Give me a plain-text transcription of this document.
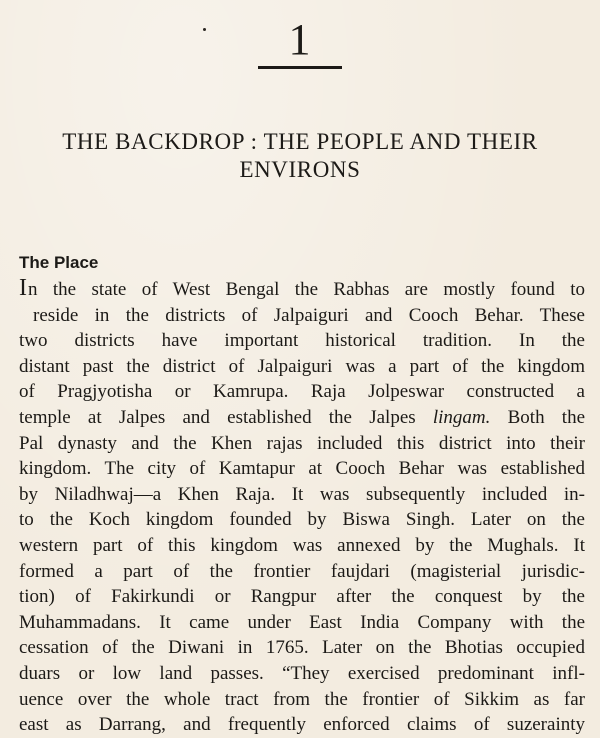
1
THE BACKDROP : THE PEOPLE AND THEIR
ENVIRONS
The Place
In the state of West Bengal the Rabhas are mostly found to
reside in the districts of Jalpaiguri and Cooch Behar. These
two districts have important historical tradition. In the
distant past the district of Jalpaiguri was a part of the kingdom
of Pragjyotisha or Kamrupa. Raja Jolpeswar constructed a
temple at Jalpes and established the Jalpes lingam. Both the
Pal dynasty and the Khen rajas included this district into their
kingdom. The city of Kamtapur at Cooch Behar was established
by Niladhwaj—a Khen Raja. It was subsequently included in-
to the Koch kingdom founded by Biswa Singh. Later on the
western part of this kingdom was annexed by the Mughals. It
formed a part of the frontier faujdari (magisterial jurisdic-
tion) of Fakirkundi or Rangpur after the conquest by the
Muhammadans. It came under East India Company with the
cessation of the Diwani in 1765. Later on the Bhotias occupied
duars or low land passes. “They exercised predominant infl-
uence over the whole tract from the frontier of Sikkim as far
east as Darrang, and frequently enforced claims of suzerainty
